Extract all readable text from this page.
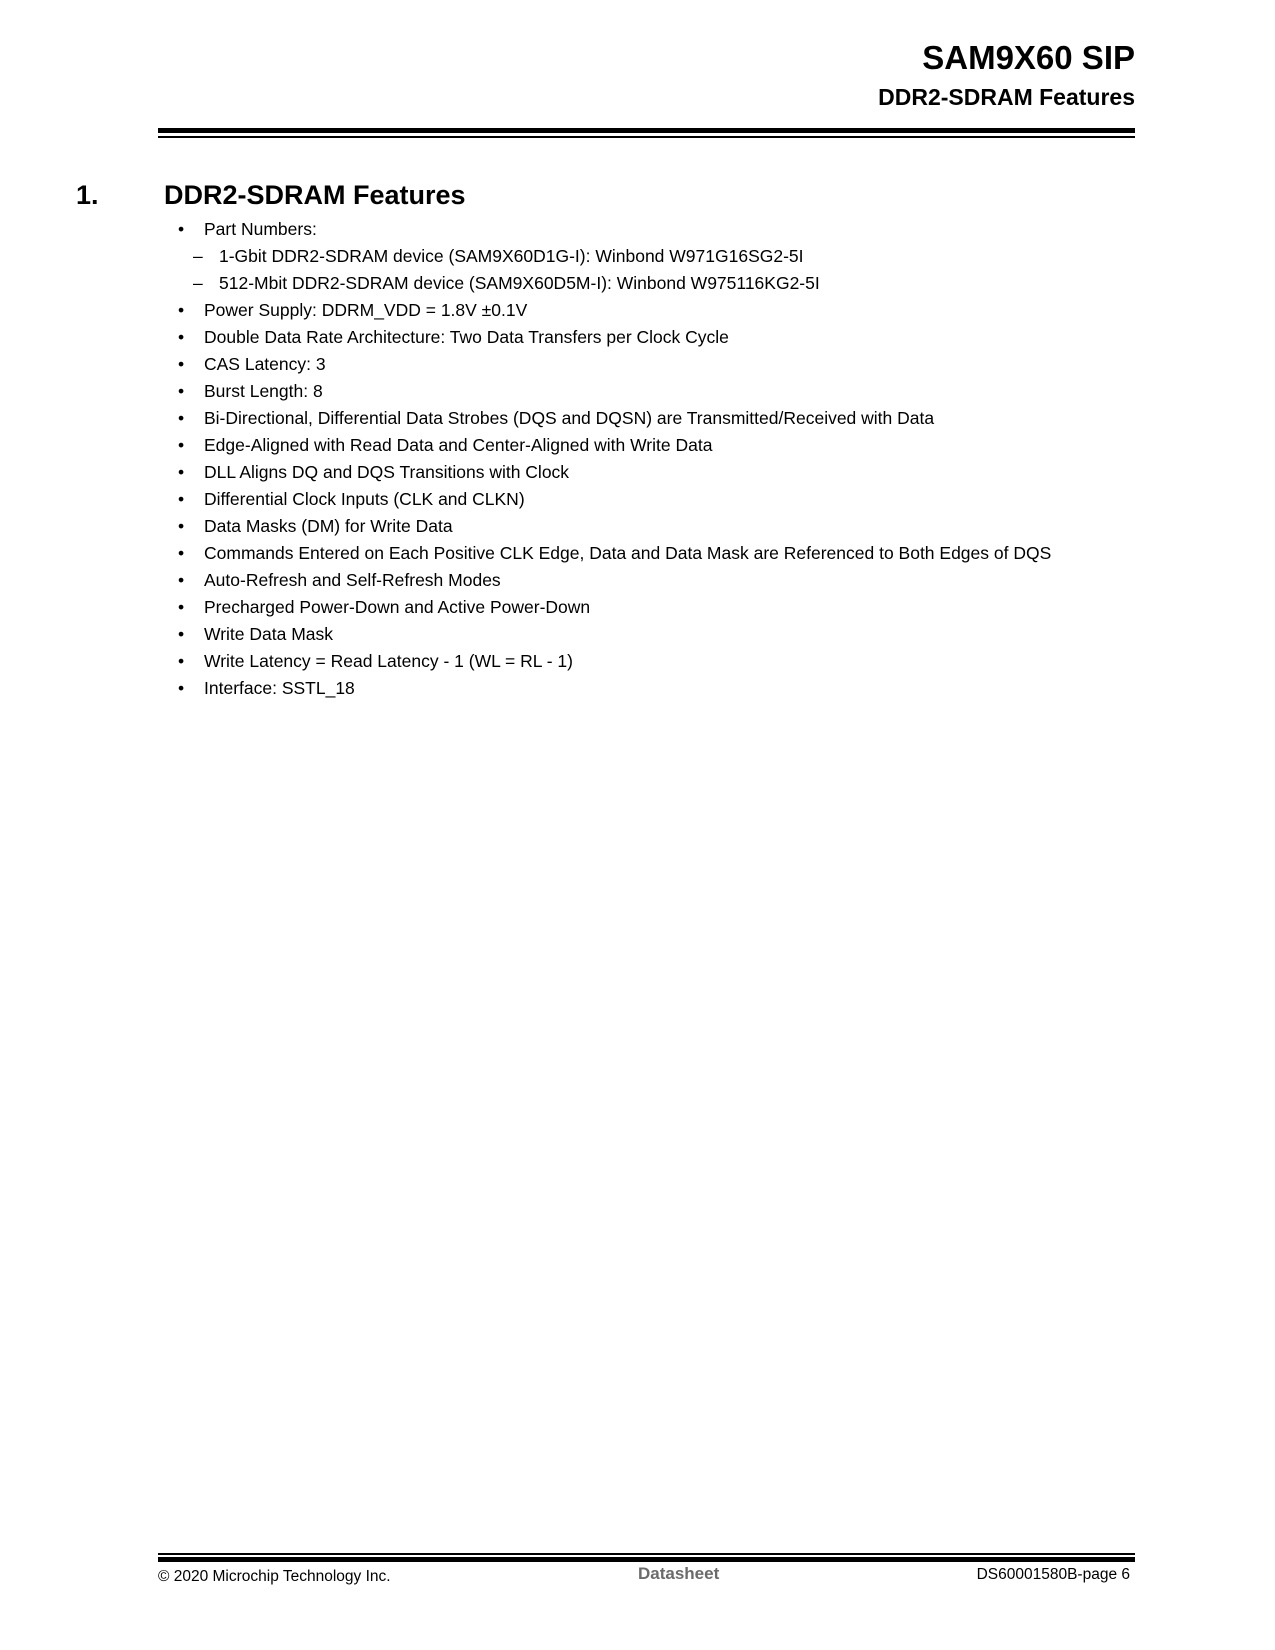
SAM9X60 SIP
DDR2-SDRAM Features
1.	DDR2-SDRAM Features
• Part Numbers:
– 1-Gbit DDR2-SDRAM device (SAM9X60D1G-I): Winbond W971G16SG2-5I
– 512-Mbit DDR2-SDRAM device (SAM9X60D5M-I): Winbond W975116KG2-5I
• Power Supply: DDRM_VDD = 1.8V ±0.1V
• Double Data Rate Architecture: Two Data Transfers per Clock Cycle
• CAS Latency: 3
• Burst Length: 8
• Bi-Directional, Differential Data Strobes (DQS and DQSN) are Transmitted/Received with Data
• Edge-Aligned with Read Data and Center-Aligned with Write Data
• DLL Aligns DQ and DQS Transitions with Clock
• Differential Clock Inputs (CLK and CLKN)
• Data Masks (DM) for Write Data
• Commands Entered on Each Positive CLK Edge, Data and Data Mask are Referenced to Both Edges of DQS
• Auto-Refresh and Self-Refresh Modes
• Precharged Power-Down and Active Power-Down
• Write Data Mask
• Write Latency = Read Latency - 1 (WL = RL - 1)
• Interface: SSTL_18
© 2020 Microchip Technology Inc.	Datasheet	DS60001580B-page 6
